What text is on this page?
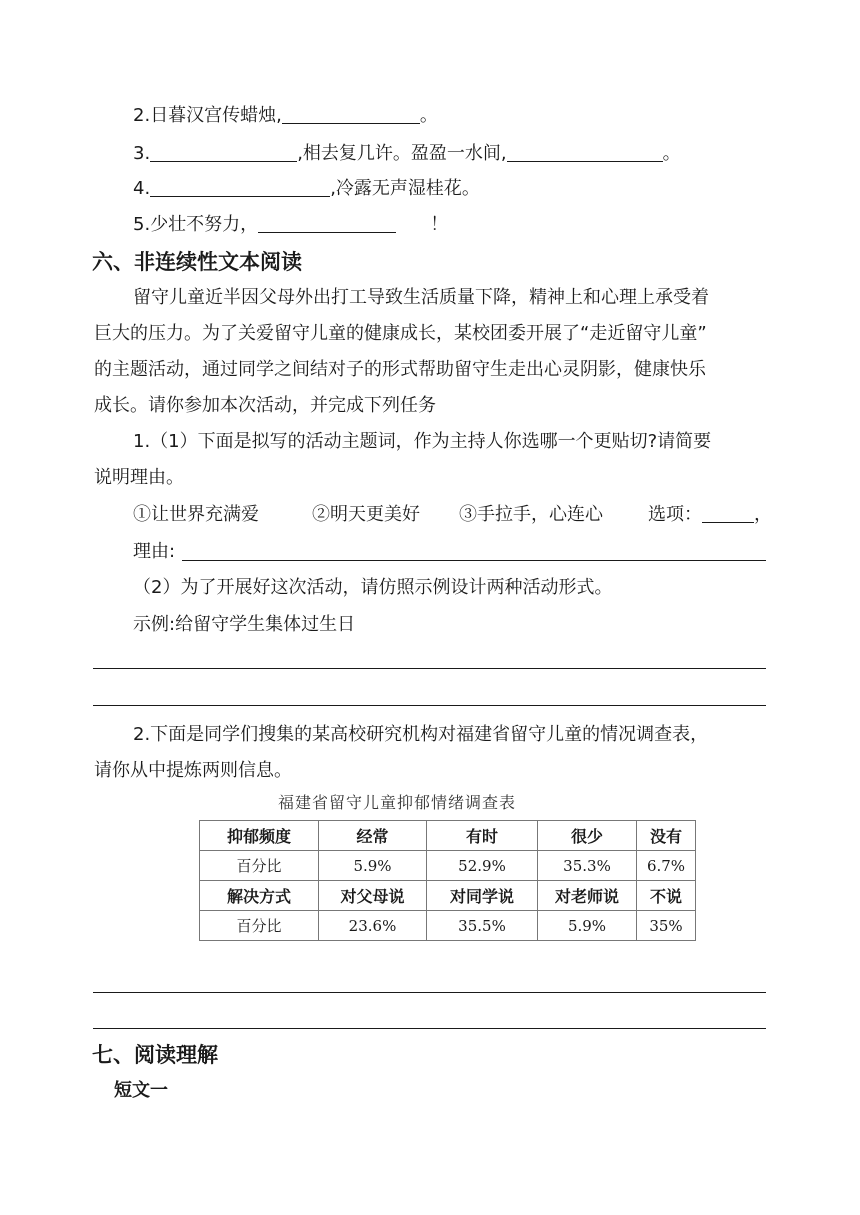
2.日暮汉宫传蜡烛,	。
3.	,相去复几许。盈盈一水间,	。
4.	,冷露无声湿桂花。
5.少壮不努力，	！
六、非连续性文本阅读
留守儿童近半因父母外出打工导致生活质量下降，精神上和心理上承受着
巨大的压力。为了关爱留守儿童的健康成长，某校团委开展了“走近留守儿童”
的主题活动，通过同学之间结对子的形式帮助留守生走出心灵阴影，健康快乐
成长。请你参加本次活动，并完成下列任务
1.（1）下面是拟写的活动主题词，作为主持人你选哪一个更贴切?请简要
说明理由。
①让世界充满爱	②明天更美好 ③手拉手，心连心	选项：	，
理由:
（2）为了开展好这次活动，请仿照示例设计两种活动形式。
示例:给留守学生集体过生日
2.下面是同学们搜集的某高校研究机构对福建省留守儿童的情况调查表，
请你从中提炼两则信息。
福建省留守儿童抑郁情绪调查表
抑郁频度	经常	有时	很少	没有
百分比	5.9%	52.9%	35.3%	6.7%
解决方式	对父母说	对同学说	对老师说	不说
百分比	23.6%	35.5%	5.9%	35%
七、阅读理解
短文一
